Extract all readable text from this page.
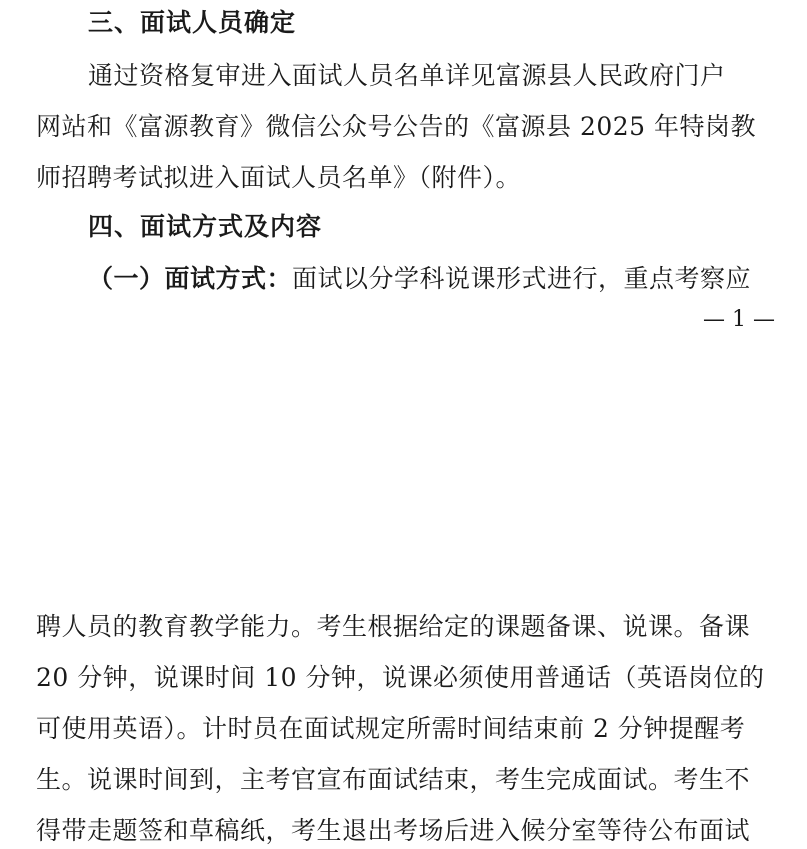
三、面试人员确定
通过资格复审进入面试人员名单详见富源县人民政府门户
网站和《富源教育》微信公众号公告的《富源县 2025 年特岗教
师招聘考试拟进入面试人员名单》（附件）。
四、面试方式及内容
（一）面试方式：面试以分学科说课形式进行，重点考察应
— 1 —
聘人员的教育教学能力。考生根据给定的课题备课、说课。备课
20 分钟，说课时间 10 分钟，说课必须使用普通话（英语岗位的
可使用英语）。计时员在面试规定所需时间结束前 2 分钟提醒考
生。说课时间到，主考官宣布面试结束，考生完成面试。考生不
得带走题签和草稿纸，考生退出考场后进入候分室等待公布面试
